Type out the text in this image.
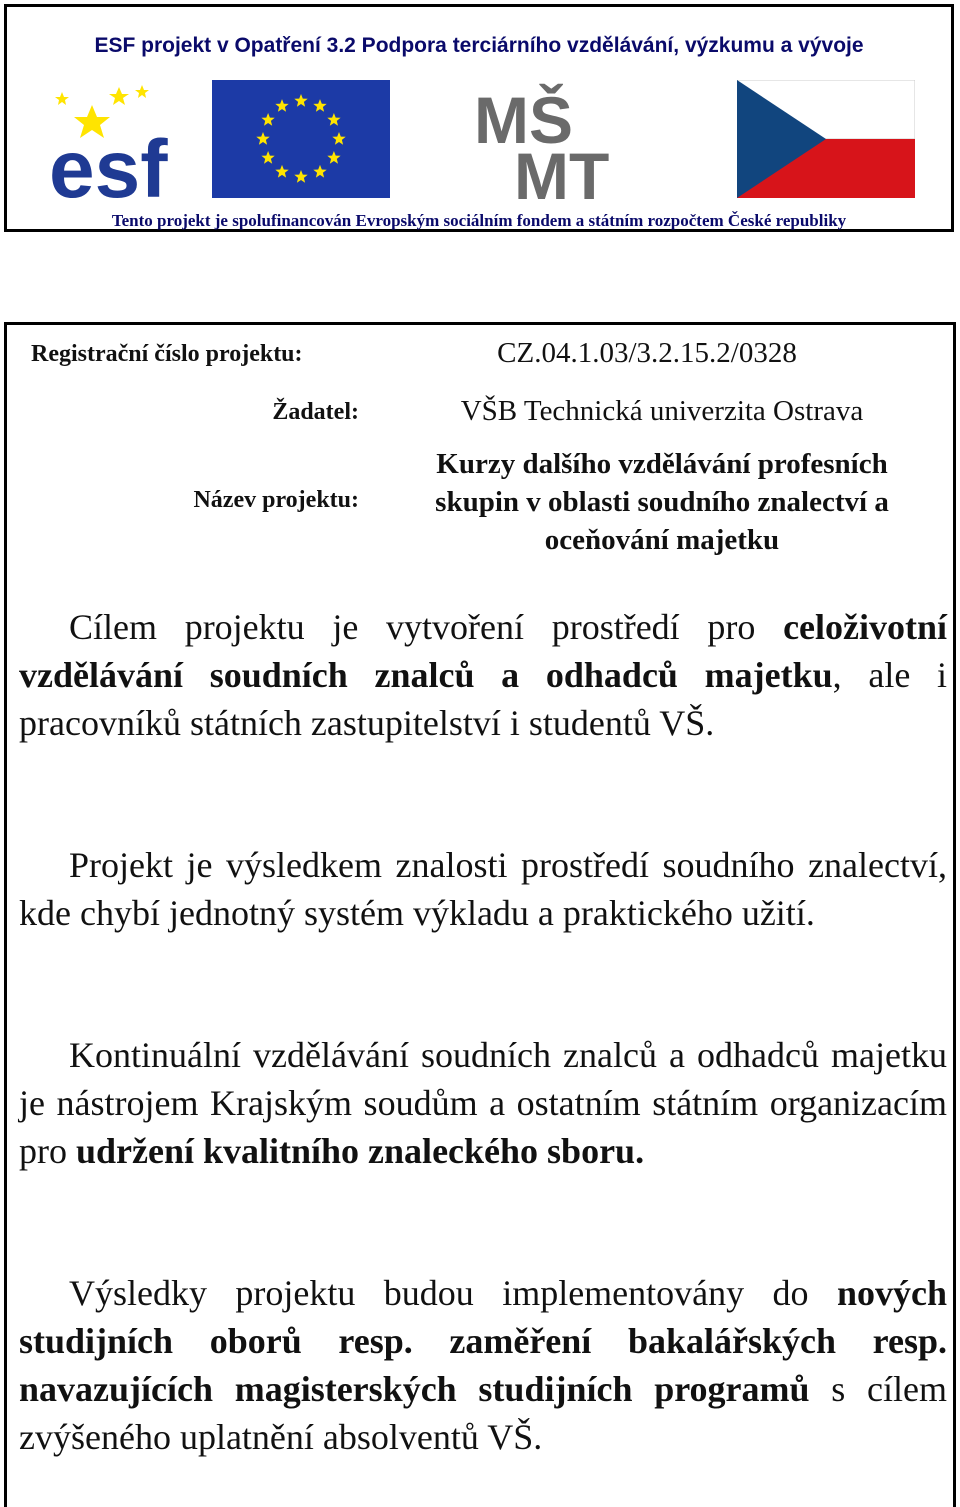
ESF projekt v Opatření 3.2 Podpora terciárního vzdělávání, výzkumu a vývoje
esf
MŠ
MT
Tento projekt je spolufinancován Evropským sociálním fondem a státním rozpočtem České republiky
Registrační číslo projektu:	CZ.04.1.03/3.2.15.2/0328
Žadatel:	VŠB Technická univerzita Ostrava
Název projektu:
Kurzy dalšího vzdělávání profesních
skupin v oblasti soudního znalectví a
oceňování majetku
Cílem projektu je vytvoření prostředí pro celoživotní vzdělávání soudních znalců a odhadců majetku, ale i pracovníků státních zastupitelství i studentů VŠ.
Projekt je výsledkem znalosti prostředí soudního znalectví, kde chybí jednotný systém výkladu a praktického užití.
Kontinuální vzdělávání soudních znalců a odhadců majetku je nástrojem Krajským soudům a ostatním státním organizacím pro udržení kvalitního znaleckého sboru.
Výsledky projektu budou implementovány do nových studijních oborů resp. zaměření bakalářských resp. navazujících magisterských studijních programů s cílem zvýšeného uplatnění absolventů VŠ.
